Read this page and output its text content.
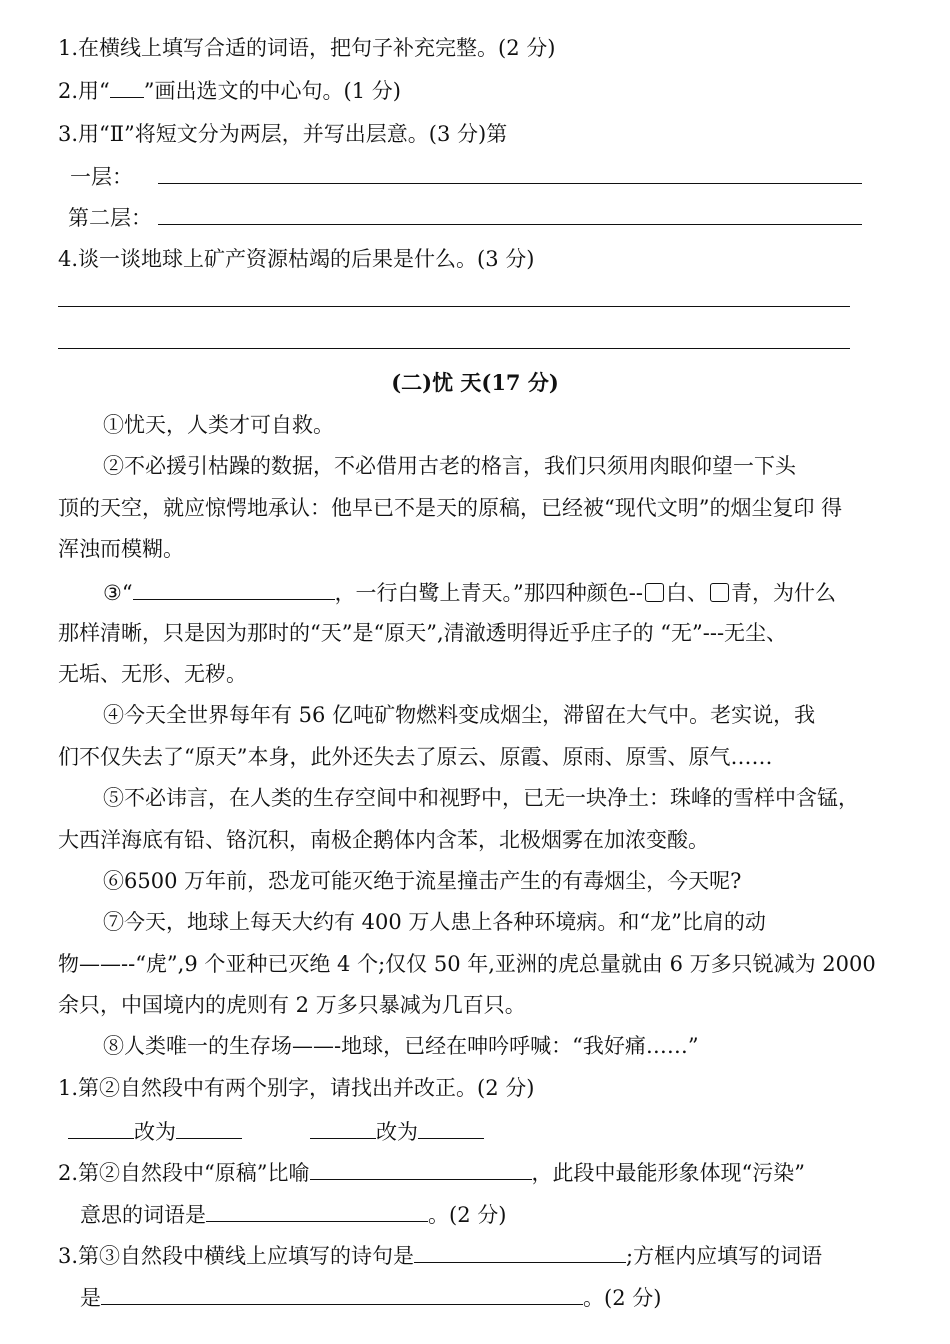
1.在横线上填写合适的词语，把句子补充完整。(2 分)
2.用“ ”画出选文的中心句。(1 分)
3.用“Ⅱ”将短文分为两层，并写出层意。(3 分)第
一层：
第二层：
4.谈一谈地球上矿产资源枯竭的后果是什么。(3 分)
(二)忧 天(17 分)
①忧天，人类才可自救。
②不必援引枯躁的数据，不必借用古老的格言，我们只须用肉眼仰望一下头
顶的天空，就应惊愕地承认：他早已不是天的原稿，已经被“现代文明”的烟尘复印 得
浑浊而模糊。
③“	，一行白鹭上青天。”那四种颜色-- 白、 青，为什么
那样清晰，只是因为那时的“天”是“原天”,清澈透明得近乎庄子的 “无”---无尘、
无垢、无形、无秽。
④今天全世界每年有 56 亿吨矿物燃料变成烟尘，滞留在大气中。老实说，我
们不仅失去了“原天”本身，此外还失去了原云、原霞、原雨、原雪、原气……
⑤不必讳言，在人类的生存空间中和视野中，已无一块净土：珠峰的雪样中含锰，
大西洋海底有铅、铬沉积，南极企鹅体内含苯，北极烟雾在加浓变酸。
⑥6500 万年前，恐龙可能灭绝于流星撞击产生的有毒烟尘，今天呢?
⑦今天，地球上每天大约有 400 万人患上各种环境病。和“龙”比肩的动
物——--“虎”,9 个亚种已灭绝 4 个;仅仅 50 年,亚洲的虎总量就由 6 万多只锐减为 2000
余只，中国境内的虎则有 2 万多只暴减为几百只。
⑧人类唯一的生存场——-地球，已经在呻吟呼喊：“我好痛……”
1.第②自然段中有两个别字，请找出并改正。(2 分)
改为	改为
2.第②自然段中“原稿”比喻	，此段中最能形象体现“污染”
意思的词语是	。(2 分)
3.第③自然段中横线上应填写的诗句是	;方框内应填写的词语
是	。(2 分)
